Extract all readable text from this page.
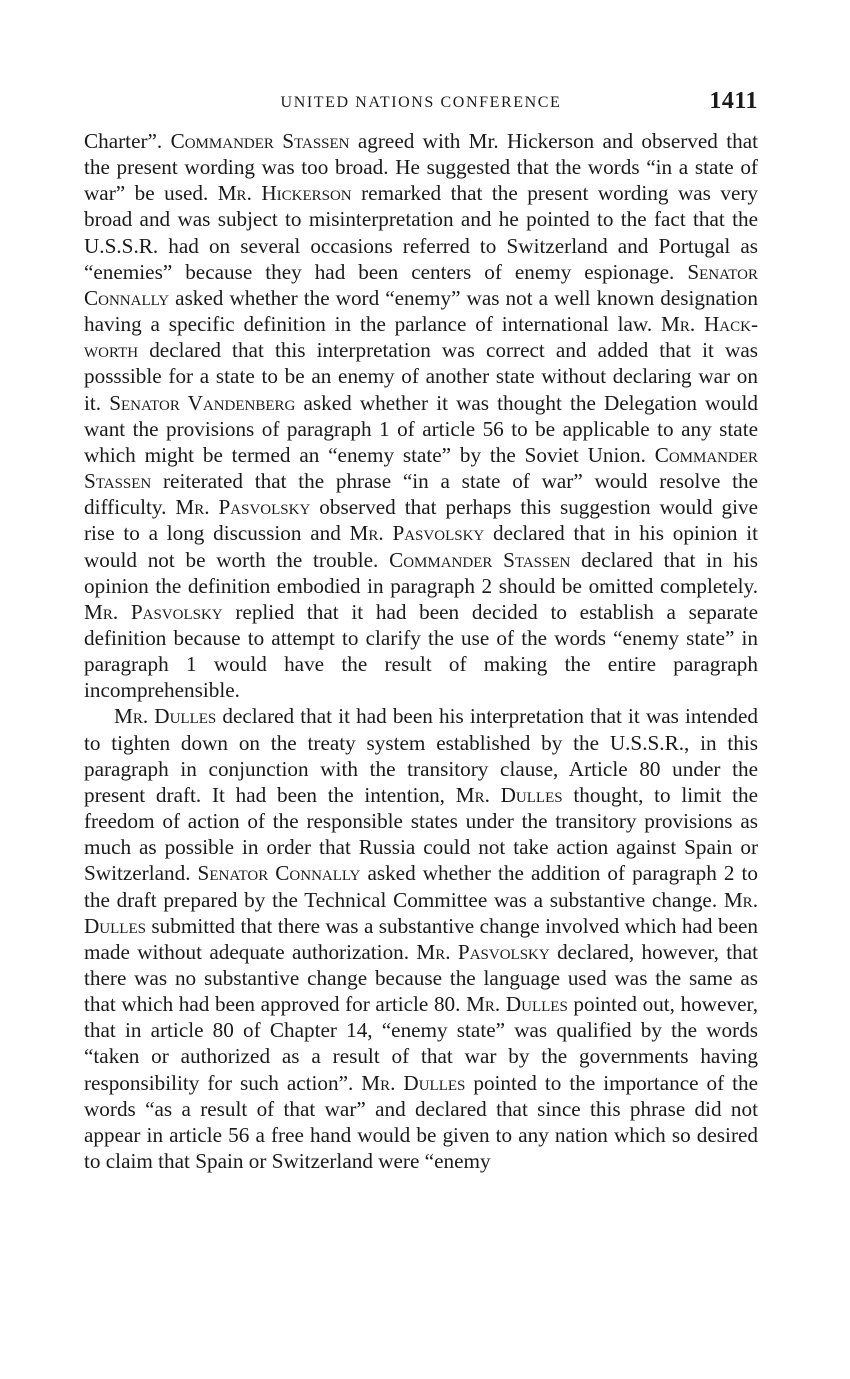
UNITED NATIONS CONFERENCE	1411

Charter”. Commander Stassen agreed with Mr. Hickerson and observed that the present wording was too broad. He suggested that the words “in a state of war” be used. Mr. Hickerson remarked that the present wording was very broad and was subject to misinterpretation and he pointed to the fact that the U.S.S.R. had on several occasions referred to Switzerland and Portugal as “enemies” because they had been centers of enemy espionage. Senator Connally asked whether the word “enemy” was not a well known designation having a specific definition in the parlance of international law. Mr. Hackworth declared that this interpretation was correct and added that it was posssible for a state to be an enemy of another state without declaring war on it. Senator Vandenberg asked whether it was thought the Delegation would want the provisions of paragraph 1 of article 56 to be applicable to any state which might be termed an “enemy state” by the Soviet Union. Commander Stassen reiterated that the phrase “in a state of war” would resolve the difficulty. Mr. Pasvolsky observed that perhaps this suggestion would give rise to a long discussion and Mr. Pasvolsky declared that in his opinion it would not be worth the trouble. Commander Stassen declared that in his opinion the definition embodied in paragraph 2 should be omitted completely. Mr. Pasvolsky replied that it had been decided to establish a separate definition because to attempt to clarify the use of the words “enemy state” in paragraph 1 would have the result of making the entire paragraph incomprehensible.

Mr. Dulles declared that it had been his interpretation that it was intended to tighten down on the treaty system established by the U.S.S.R., in this paragraph in conjunction with the transitory clause, Article 80 under the present draft. It had been the intention, Mr. Dulles thought, to limit the freedom of action of the responsible states under the transitory provisions as much as possible in order that Russia could not take action against Spain or Switzerland. Senator Connally asked whether the addition of paragraph 2 to the draft prepared by the Technical Committee was a substantive change. Mr. Dulles submitted that there was a substantive change involved which had been made without adequate authorization. Mr. Pasvolsky declared, however, that there was no substantive change because the language used was the same as that which had been approved for article 80. Mr. Dulles pointed out, however, that in article 80 of Chapter 14, “enemy state” was qualified by the words “taken or authorized as a result of that war by the governments having responsibility for such action”. Mr. Dulles pointed to the importance of the words “as a result of that war” and declared that since this phrase did not appear in article 56 a free hand would be given to any nation which so desired to claim that Spain or Switzerland were “enemy
